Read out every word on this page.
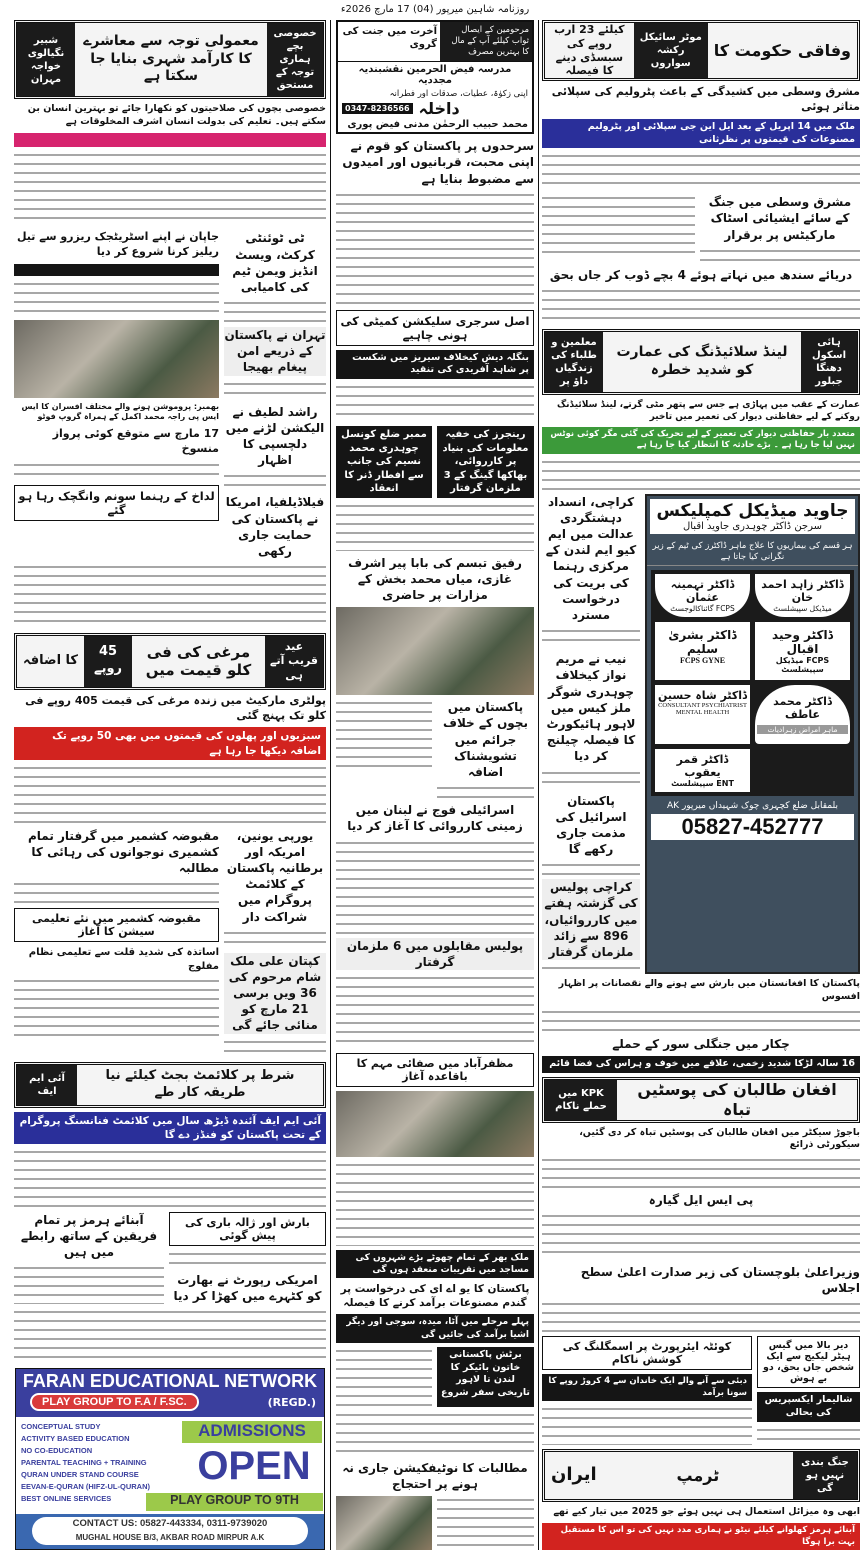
روزنامہ شاہین میرپور (04) 17 مارچ 2026ء
خصوصی بچے ہماری توجہ کے مستحق
معمولی توجہ سے معاشرے کا کارآمد شہری بنایا جا سکتا ہے
شبیر نگیالوی خواجہ مہران
خصوصی بچوں کی صلاحیتوں کو نکھارا جائے تو بہترین انسان بن سکتے ہیں۔ تعلیم کی بدولت انسان اشرف المخلوقات ہے
جاپان نے اپنے اسٹریٹجک ریزرو سے تیل ریلیز کرنا شروع کر دیا
بھمبر: پروموشن ہونے والے مختلف افسران کا ایس ایس پی راجہ محمد اکمل کے ہمراہ گروپ فوٹو
17 مارچ سے متوقع کوئی پرواز منسوخ
لداخ کے رہنما سونم وانگچک رہا ہو گئے
ٹی ٹوئنٹی کرکٹ، ویسٹ انڈیز ویمن ٹیم کی کامیابی
تہران نے پاکستان کے ذریعے امن پیغام بھیجا
راشد لطیف نے الیکشن لڑنے میں دلچسپی کا اظہار
فیلاڈیلفیا، امریکا نے پاکستان کی حمایت جاری رکھی
عید قریب آتے ہی
مرغی کی فی کلو قیمت میں
45 روپے
کا اضافہ
پولٹری مارکیٹ میں زندہ مرغی کی قیمت 405 روپے فی کلو تک پہنچ گئی
سبزیوں اور پھلوں کی قیمتوں میں بھی 50 روپے تک اضافہ دیکھا جا رہا ہے
مقبوضہ کشمیر میں گرفتار تمام کشمیری نوجوانوں کی رہائی کا مطالبہ
مقبوضہ کشمیر میں نئے تعلیمی سیشن کا آغاز
اساتذہ کی شدید قلت سے تعلیمی نظام مفلوج
یورپی یونین، امریکہ اور برطانیہ پاکستان کے کلائمٹ پروگرام میں شراکت دار
کپتان علی ملک شام مرحوم کی 36 ویں برسی 21 مارچ کو منائی جائے گی
شرط پر کلائمٹ بجٹ کیلئے نیا طریقہ کار طے
آئی ایم ایف
آئی ایم ایف آئندہ ڈیڑھ سال میں کلائمٹ فنانسنگ پروگرام کے تحت پاکستان کو فنڈز دے گا
آبنائے ہرمز پر تمام فریقین کے ساتھ رابطے میں ہیں
بارش اور ژالہ باری کی پیش گوئی
امریکی رپورٹ نے بھارت کو کٹہرے میں کھڑا کر دیا
FARAN EDUCATIONAL NETWORK
PLAY GROUP TO F.A / F.SC.	(REGD.)
CONCEPTUAL STUDY
ACTIVITY BASED EDUCATION
NO CO-EDUCATION
PARENTAL TEACHING + TRAINING
QURAN UNDER STAND COURSE
EEVAN-E-QURAN (HIFZ-UL-QURAN)
BEST ONLINE SERVICES
ADMISSIONS
OPEN
PLAY GROUP TO 9TH
CONTACT US: 05827-443334, 0311-9739020
MUGHAL HOUSE B/3, AKBAR ROAD MIRPUR A.K
آخرت میں جنت کی گروی
مرحومین کے ایصال ثواب کیلئے آپ کے مال کا بہترین مصرف
مدرسہ فیض الحرمین نقشبندیہ مجددیہ
اپنی زکوٰۃ، عطیات، صدقات اور فطرانہ
0347-8236566 داخلہ
محمد حبیب الرحمٰن مدنی فیض پوری
سرحدوں پر پاکستان کو قوم نے اپنی محبت، قربانیوں اور امیدوں سے مضبوط بنایا ہے
اصل سرجری سلیکشن کمیٹی کی ہونی چاہیے
بنگلہ دیش کیخلاف سیریز میں شکست پر شاہد آفریدی کی تنقید
ممبر ضلع کونسل چوہدری محمد نسیم کی جانب سے افطار ڈنر کا انعقاد
رینجرز کی خفیہ معلومات کی بنیاد پر کارروائی، بھاکھا گینگ کے 3 ملزمان گرفتار
رفیق تبسم کی بابا پیر اشرف غازی، میاں محمد بخش کے مزارات پر حاضری
پاکستان میں بچوں کے خلاف جرائم میں تشویشناک اضافہ
اسرائیلی فوج نے لبنان میں زمینی کارروائی کا آغاز کر دیا
پولیس مقابلوں میں 6 ملزمان گرفتار
مظفرآباد میں صفائی مہم کا باقاعدہ آغاز
ملک بھر کے تمام چھوٹے بڑے شہروں کی مساجد میں تقریبات منعقد ہوں گی
پاکستان کا یو اے ای کی درخواست پر گندم مصنوعات برآمد کرنے کا فیصلہ
پہلے مرحلے میں آٹا، میدہ، سوجی اور دیگر اشیا برآمد کی جائیں گی
برٹش پاکستانی خاتون بائیکر کا لندن تا لاہور تاریخی سفر شروع
مطالبات کا نوٹیفکیشن جاری نہ ہونے پر احتجاج
وفاقی حکومت کا
موٹر سائیکل رکشہ سواروں
کیلئے 23 ارب روپے کی سبسڈی دینے کا فیصلہ
مشرق وسطی میں کشیدگی کے باعث پٹرولیم کی سپلائی متاثر ہوئی
ملک میں 14 اپریل کے بعد ایل این جی سپلائی اور پٹرولیم مصنوعات کی قیمتوں پر نظرثانی
مشرق وسطی میں جنگ کے سائے ایشیائی اسٹاک مارکیٹس پر برقرار
دریائے سندھ میں نہاتے ہوئے 4 بچے ڈوب کر جاں بحق
ہائی اسکول دھنگا جبلور
لینڈ سلائیڈنگ کی عمارت کو شدید خطرہ
معلمین و طلباء کی زندگیاں داؤ پر
عمارت کے عقب میں پہاڑی ہے جس سے پتھر مٹی گرتے، لینڈ سلائیڈنگ روکنے کے لیے حفاظتی دیوار کی تعمیر میں تاخیر
متعدد بار حفاظتی دیوار کی تعمیر کے لیے تحریک کی گئی مگر کوئی نوٹس نہیں لیا جا رہا ہے ۔ بڑے حادثہ کا انتظار کیا جا رہا ہے
کراچی، انسداد دہشتگردی عدالت میں ایم کیو ایم لندن کے مرکزی رہنما کی بریت کی درخواست مسترد
نیب نے مریم نواز کیخلاف چوہدری شوگر ملز کیس میں لاہور ہائیکورٹ کا فیصلہ چیلنج کر دیا
پاکستان اسرائیل کی مذمت جاری رکھے گا
کراچی پولیس کی گزشتہ ہفتے میں کارروائیاں، 896 سے زائد ملزمان گرفتار
جاوید میڈیکل کمپلیکس
سرجن ڈاکٹر چوہدری جاوید اقبال
ہر قسم کی بیماریوں کا علاج ماہر ڈاکٹرز کی ٹیم کے زیر نگرانی کیا جاتا ہے
ڈاکٹر زاہد احمد خان
میڈیکل سپیشلسٹ
ڈاکٹر تہمینہ عثمان
FCPS گائناکالوجسٹ
ڈاکٹر وحید اقبال
FCPS میڈیکل سپیشلسٹ
ڈاکٹر بشریٰ سلیم
FCPS GYNE
ڈاکٹر محمد عاطف
ماہر امراض زہرادیات
ڈاکٹر شاہ حسین
CONSULTANT PSYCHIATRIST MENTAL HEALTH
ڈاکٹر قمر یعقوب
ENT سپیشلسٹ
بلمقابل ضلع کچہری چوک شہیداں میرپور AK
05827-452777
پاکستان کا افغانستان میں بارش سے ہونے والے نقصانات پر اظہار افسوس
چکار میں جنگلی سور کے حملے
16 سالہ لڑکا شدید زخمی، علاقے میں خوف و ہراس کی فضا قائم
افغان طالبان کی پوسٹیں تباہ
KPK میں حملے ناکام
باجوڑ سیکٹر میں افغان طالبان کی پوسٹیں تباہ کر دی گئیں، سیکورٹی ذرائع
پی ایس ایل گیارہ
وزیراعلیٰ بلوچستان کی زیر صدارت اعلیٰ سطح اجلاس
کوئٹہ ایئرپورٹ پر اسمگلنگ کی کوشش ناکام
دبئی سے آنے والے ایک خاندان سے 4 کروڑ روپے کا سونا برآمد
دیر بالا میں گیس ہیٹر لیکیج سے ایک شخص جاں بحق، دو بے ہوش
شالیمار ایکسپریس کی بحالی
جنگ بندی نہیں ہو گی
ٹرمپ
ایران
ابھی وہ میزائل استعمال ہی نہیں ہوئے جو 2025 میں تیار کیے تھے
آبنائے ہرمز کھلوانے کیلئے نیٹو نے ہماری مدد نہیں کی تو اس کا مستقبل بہت برا ہوگا
